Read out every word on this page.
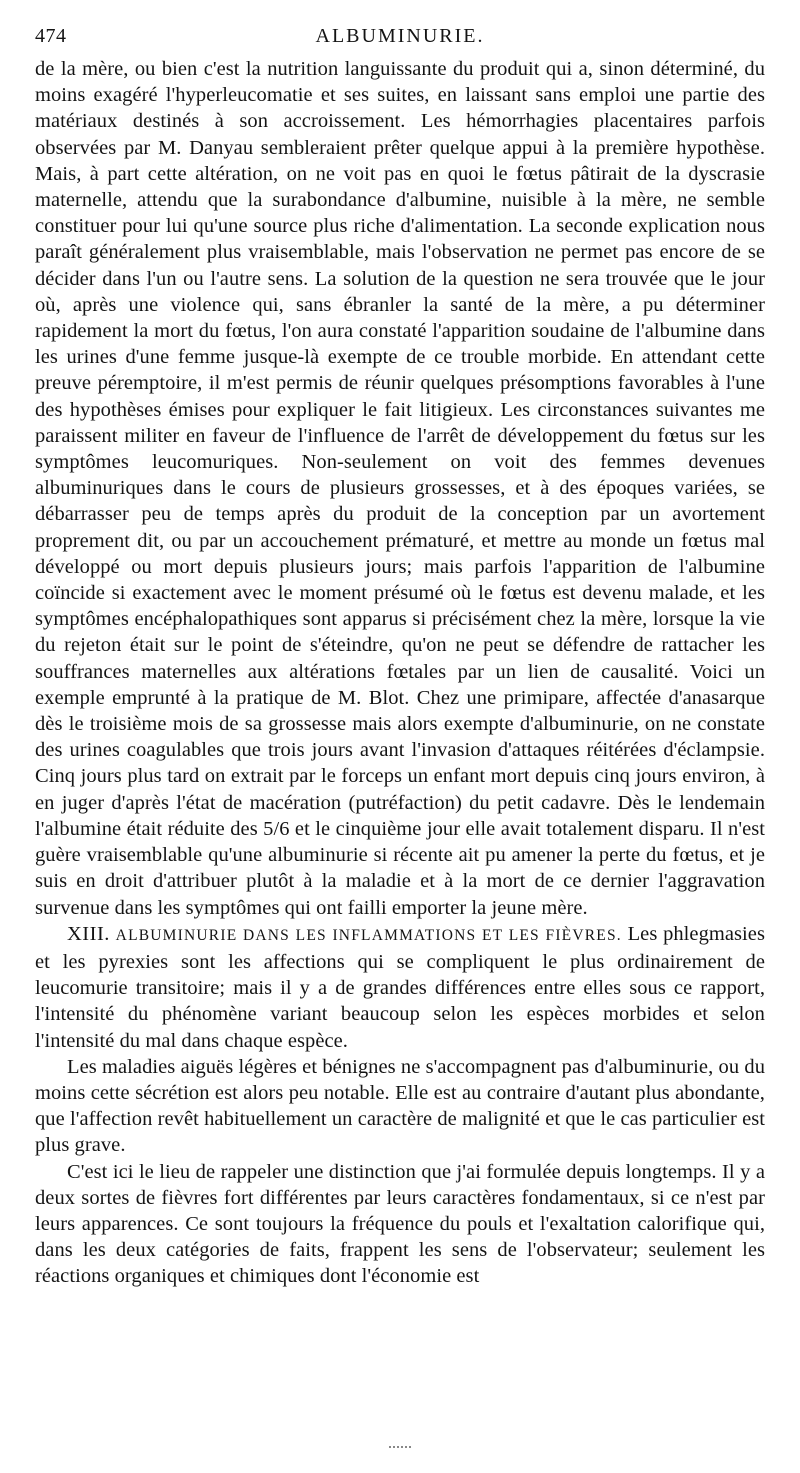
474	ALBUMINURIE.

de la mère, ou bien c'est la nutrition languissante du produit qui a, sinon déterminé, du moins exagéré l'hyperleucomatie et ses suites, en laissant sans emploi une partie des matériaux destinés à son accroissement. Les hémorrhagies placentaires parfois observées par M. Danyau sembleraient prêter quelque appui à la première hypothèse. Mais, à part cette altération, on ne voit pas en quoi le fœtus pâtirait de la dyscrasie maternelle, attendu que la surabondance d'albumine, nuisible à la mère, ne semble constituer pour lui qu'une source plus riche d'alimentation. La seconde explication nous paraît généralement plus vraisemblable, mais l'observation ne permet pas encore de se décider dans l'un ou l'autre sens. La solution de la question ne sera trouvée que le jour où, après une violence qui, sans ébranler la santé de la mère, a pu déterminer rapidement la mort du fœtus, l'on aura constaté l'apparition soudaine de l'albumine dans les urines d'une femme jusque-là exempte de ce trouble morbide. En attendant cette preuve péremptoire, il m'est permis de réunir quelques présomptions favorables à l'une des hypothèses émises pour expliquer le fait litigieux. Les circonstances suivantes me paraissent militer en faveur de l'influence de l'arrêt de développement du fœtus sur les symptômes leucomuriques. Non-seulement on voit des femmes devenues albuminuriques dans le cours de plusieurs grossesses, et à des époques variées, se débarrasser peu de temps après du produit de la conception par un avortement proprement dit, ou par un accouchement prématuré, et mettre au monde un fœtus mal développé ou mort depuis plusieurs jours; mais parfois l'apparition de l'albumine coïncide si exactement avec le moment présumé où le fœtus est devenu malade, et les symptômes encéphalopathiques sont apparus si précisément chez la mère, lorsque la vie du rejeton était sur le point de s'éteindre, qu'on ne peut se défendre de rattacher les souffrances maternelles aux altérations fœtales par un lien de causalité. Voici un exemple emprunté à la pratique de M. Blot. Chez une primipare, affectée d'anasarque dès le troisième mois de sa grossesse mais alors exempte d'albuminurie, on ne constate des urines coagulables que trois jours avant l'invasion d'attaques réitérées d'éclampsie. Cinq jours plus tard on extrait par le forceps un enfant mort depuis cinq jours environ, à en juger d'après l'état de macération (putréfaction) du petit cadavre. Dès le lendemain l'albumine était réduite des 5/6 et le cinquième jour elle avait totalement disparu. Il n'est guère vraisemblable qu'une albuminurie si récente ait pu amener la perte du fœtus, et je suis en droit d'attribuer plutôt à la maladie et à la mort de ce dernier l'aggravation survenue dans les symptômes qui ont failli emporter la jeune mère.

XIII. ALBUMINURIE DANS LES INFLAMMATIONS ET LES FIÈVRES. Les phlegmasies et les pyrexies sont les affections qui se compliquent le plus ordinairement de leucomurie transitoire; mais il y a de grandes différences entre elles sous ce rapport, l'intensité du phénomène variant beaucoup selon les espèces morbides et selon l'intensité du mal dans chaque espèce.

Les maladies aiguës légères et bénignes ne s'accompagnent pas d'albuminurie, ou du moins cette sécrétion est alors peu notable. Elle est au contraire d'autant plus abondante, que l'affection revêt habituellement un caractère de malignité et que le cas particulier est plus grave.

C'est ici le lieu de rappeler une distinction que j'ai formulée depuis longtemps. Il y a deux sortes de fièvres fort différentes par leurs caractères fondamentaux, si ce n'est par leurs apparences. Ce sont toujours la fréquence du pouls et l'exaltation calorifique qui, dans les deux catégories de faits, frappent les sens de l'observateur; seulement les réactions organiques et chimiques dont l'économie est
